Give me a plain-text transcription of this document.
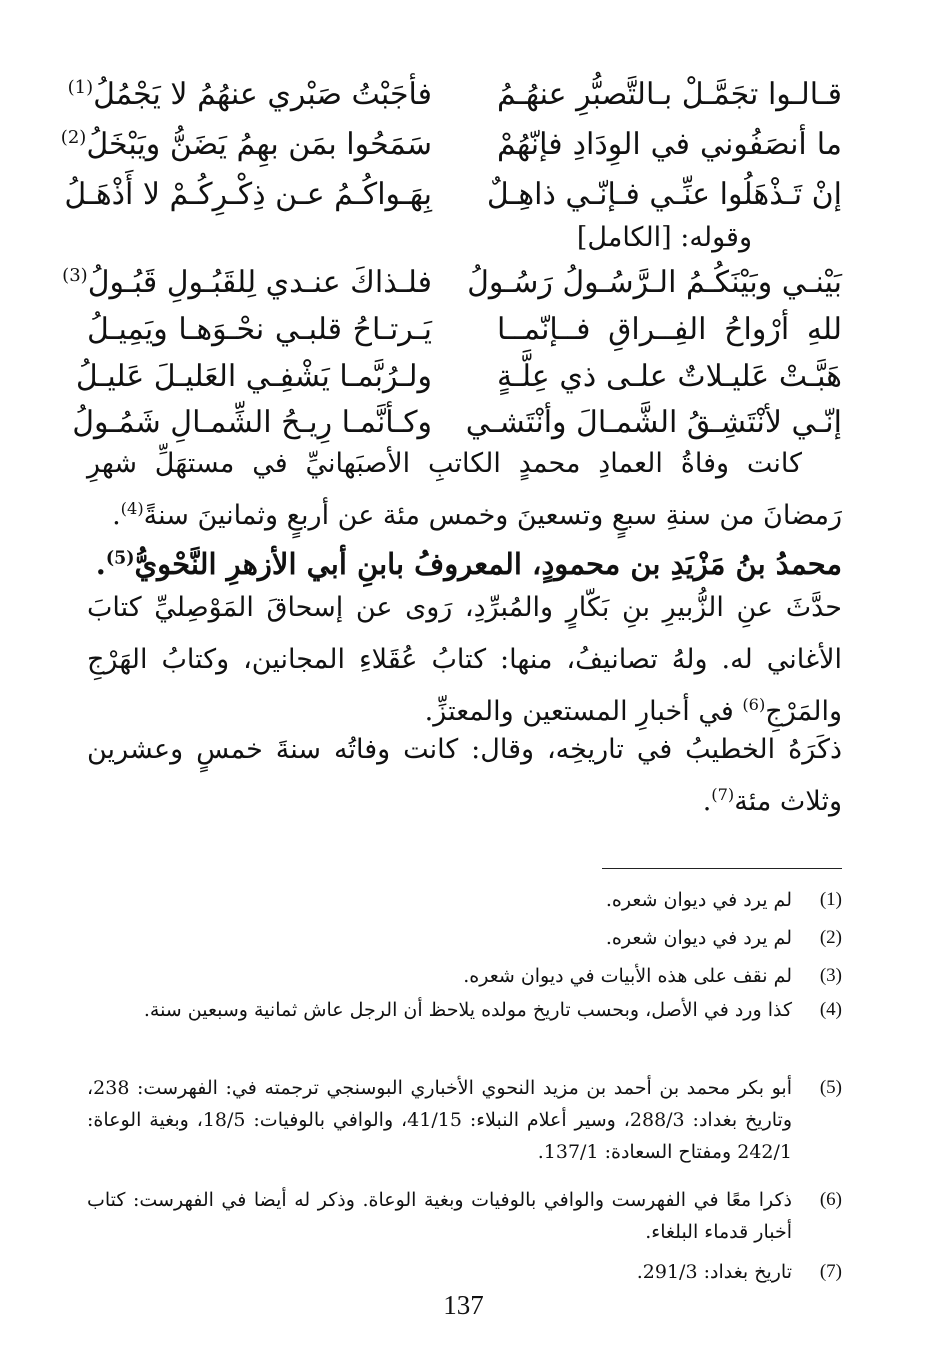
قـالـوا تجَمَّـلْ بـالتَّصبُّرِ عنهُـمُ
فأجَبْتُ صَبْري عنهُمُ لا يَجْمُلُ$^{(1)}$
ما أنصَفُوني في الوِدَادِ فإنّهُمْ
سَمَحُوا بمَن بهِمُ يَضَنُّ ويَبْخَلُ$^{(2)}$
إنْ تَـذْهَلُوا عنِّـي فـإنّـي ذاهِـلٌ
بِهَـواكُـمُ عـن ذِكْـرِكُـمْ لا أَذْهَـلُ
وقوله: [الكامل]
بَيْنـي وبَيْنَكُـمُ الـرَّسُـولُ رَسُـولُ
فلـذاكَ عنـدي لِلقَبُـولِ قَبُـولُ$^{(3)}$
للهِ أرْواحُ الفِــراقِ فــإنّمــا
يَـرتـاحُ قلبـي نحْـوَهـا ويَمِيـلُ
هَبَّـتْ عَليـلاتٌ علـى ذي عِلَّـةٍ
ولـرُبَّمـا يَشْفِـي العَليـلَ عَليـلُ
إنّـي لأنْتَشِـقُ الشَّمـالَ وأنْتَشـي
وكـأنَّمـا رِيـحُ الشِّمـالِ شَمُـولُ
كانت وفاةُ العمادِ محمدٍ الكاتبِ الأصبَهانيِّ في مستهَلِّ شهرِ رَمضانَ من سنةِ سبعٍ وتسعينَ وخمس مئة عن أربعٍ وثمانينَ سنةً$^{(4)}$.
محمدُ بنُ مَزْيَدِ بن محمودٍ، المعروفُ بابنِ أبي الأزهرِ النَّحْويُّ$^{(5)}$.
حدَّثَ عنِ الزُّبيرِ بنِ بَكّارٍ والمُبرِّدِ، رَوى عن إسحاقَ المَوْصِليِّ كتابَ الأغاني له. ولهُ تصانيفُ، منها: كتابُ عُقَلاءِ المجانين، وكتابُ الهَرْجِ والمَرْجِ$^{(6)}$ في أخبارِ المستعين والمعتزِّ.
ذكَرَهُ الخطيبُ في تاريخِه، وقال: كانت وفاتُه سنةَ خمسٍ وعشرين وثلاث مئة$^{(7)}$.
(1)
لم يرد في ديوان شعره.
(2)
لم يرد في ديوان شعره.
(3)
لم نقف على هذه الأبيات في ديوان شعره.
(4)
كذا ورد في الأصل، وبحسب تاريخ مولده يلاحظ أن الرجل عاش ثمانية وسبعين سنة.
(5)
أبو بكر محمد بن أحمد بن مزيد النحوي الأخباري البوسنجي ترجمته في: الفهرست: 238، وتاريخ بغداد: 288/3، وسير أعلام النبلاء: 41/15، والوافي بالوفيات: 18/5، وبغية الوعاة: 242/1 ومفتاح السعادة: 137/1.
(6)
ذكرا معًا في الفهرست والوافي بالوفيات وبغية الوعاة. وذكر له أيضا في الفهرست: كتاب أخبار قدماء البلغاء.
(7)
تاريخ بغداد: 291/3.
137
